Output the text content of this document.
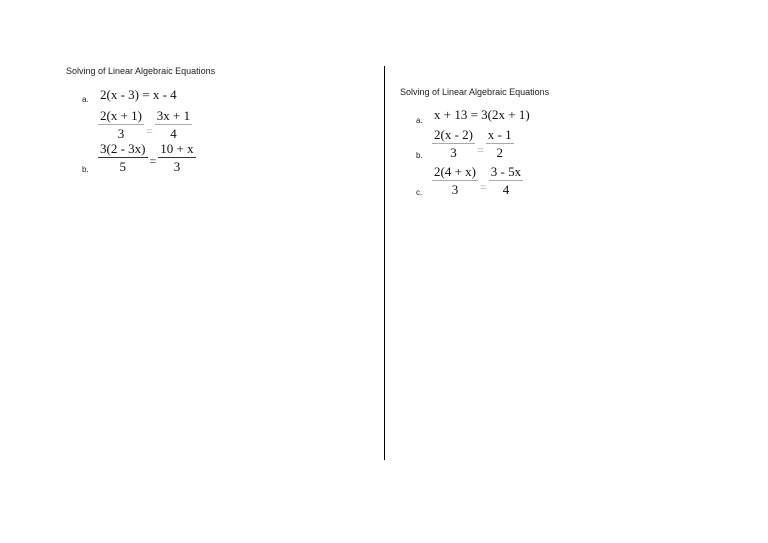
Solving of Linear Algebraic Equations
a. 2(x - 3) = x - 4
$\frac{2(x + 1)}{3} = \frac{3x + 1}{4}$
b. $\frac{3(2 - 3x)}{5} = \frac{10 + x}{3}$
Solving of Linear Algebraic Equations
a. x + 13 = 3(2x + 1)
b. $\frac{2(x - 2)}{3} = \frac{x - 1}{2}$
c. $\frac{2(4 + x)}{3} = \frac{3 - 5x}{4}$
